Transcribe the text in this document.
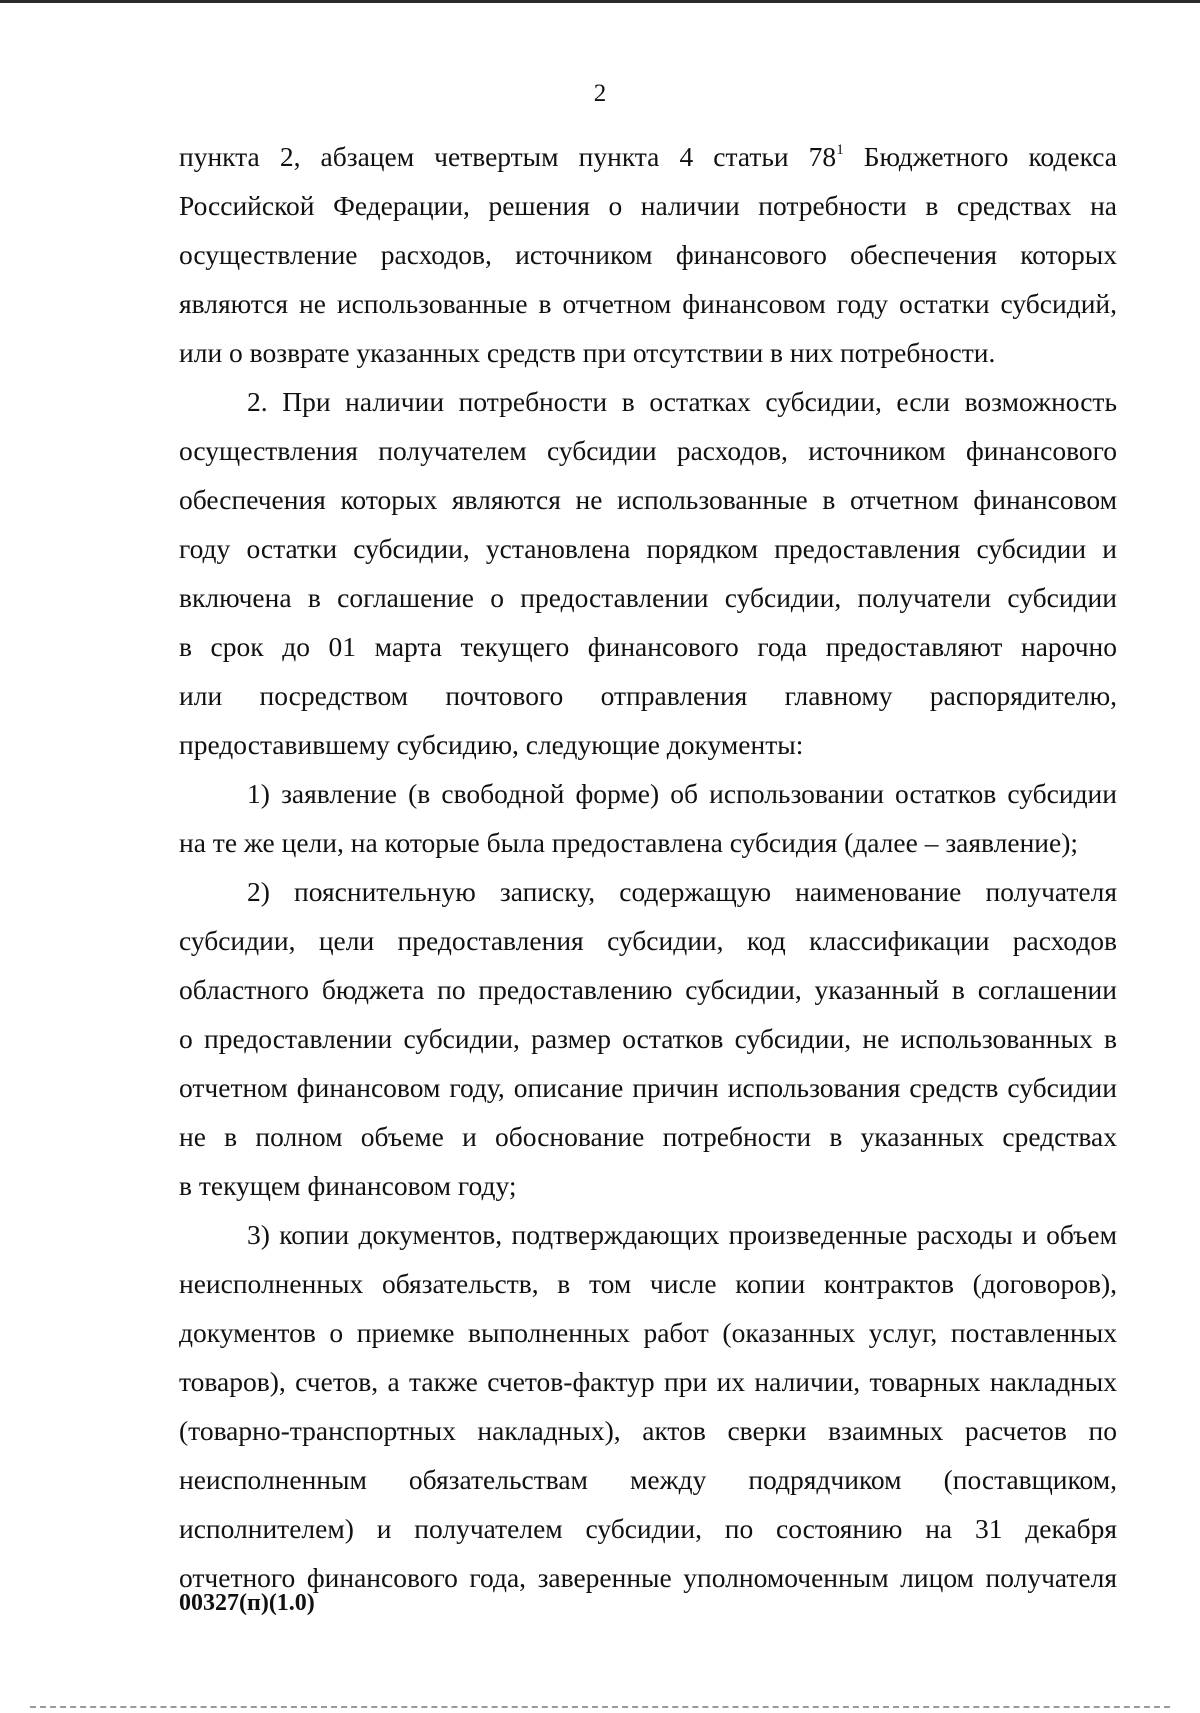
2

пункта 2, абзацем четвертым пункта 4 статьи $78^1$ Бюджетного кодекса

Российской Федерации, решения о наличии потребности в средствах на

осуществление расходов, источником финансового обеспечения которых

являются не использованные в отчетном финансовом году остатки субсидий,

или о возврате указанных средств при отсутствии в них потребности.

2. При наличии потребности в остатках субсидии, если возможность

осуществления получателем субсидии расходов, источником финансового

обеспечения которых являются не использованные в отчетном финансовом

году остатки субсидии, установлена порядком предоставления субсидии и

включена в соглашение о предоставлении субсидии, получатели субсидии

в срок до 01 марта текущего финансового года предоставляют нарочно

или посредством почтового отправления главному распорядителю,

предоставившему субсидию, следующие документы:

1) заявление (в свободной форме) об использовании остатков субсидии

на те же цели, на которые была предоставлена субсидия (далее – заявление);

2) пояснительную записку, содержащую наименование получателя

субсидии, цели предоставления субсидии, код классификации расходов

областного бюджета по предоставлению субсидии, указанный в соглашении

о предоставлении субсидии, размер остатков субсидии, не использованных в

отчетном финансовом году, описание причин использования средств субсидии

не в полном объеме и обоснование потребности в указанных средствах

в текущем финансовом году;

3) копии документов, подтверждающих произведенные расходы и объем

неисполненных обязательств, в том числе копии контрактов (договоров),

документов о приемке выполненных работ (оказанных услуг, поставленных

товаров), счетов, а также счетов-фактур при их наличии, товарных накладных

(товарно-транспортных накладных), актов сверки взаимных расчетов по

неисполненным обязательствам между подрядчиком (поставщиком,

исполнителем) и получателем субсидии, по состоянию на 31 декабря

отчетного финансового года, заверенные уполномоченным лицом получателя

00327(п)(1.0)
